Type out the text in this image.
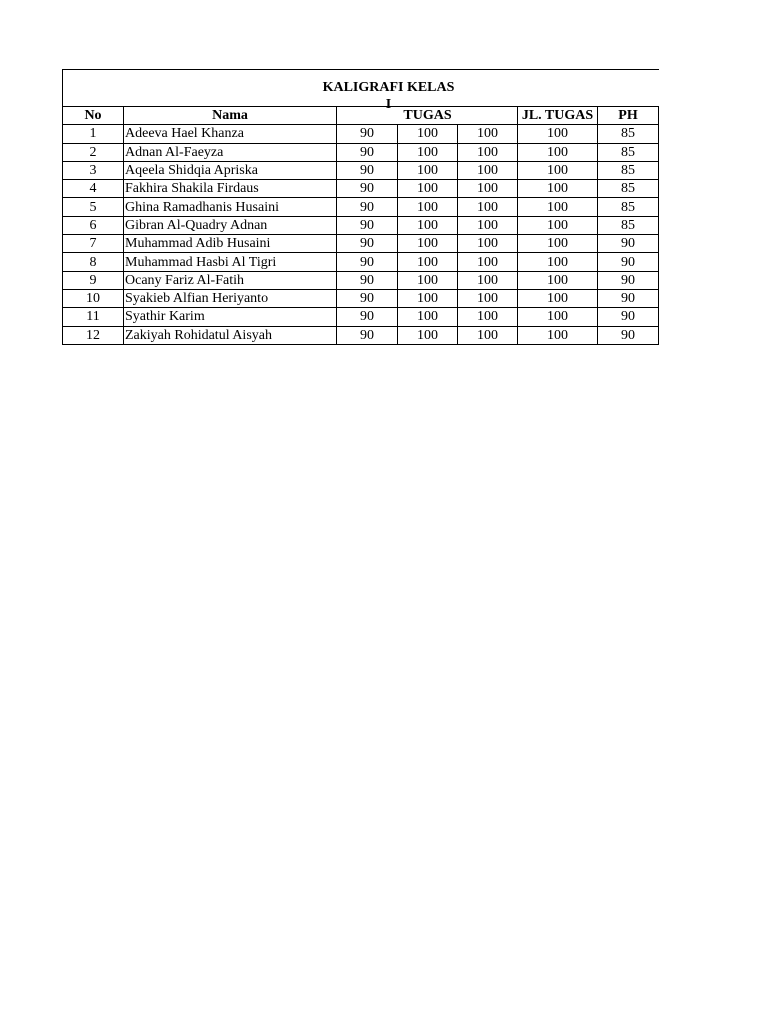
No	Nama		TUGAS		JL. TUGAS	PH
1	Adeeva Hael Khanza	90	100	100	100	85
2	Adnan Al-Faeyza	90	100	100	100	85
3	Aqeela Shidqia Apriska	90	100	100	100	85
4	Fakhira Shakila Firdaus	90	100	100	100	85
5	Ghina Ramadhanis Husaini	90	100	100	100	85
6	Gibran Al-Quadry Adnan	90	100	100	100	85
7	Muhammad Adib Husaini	90	100	100	100	90
8	Muhammad Hasbi Al Tigri	90	100	100	100	90
9	Ocany Fariz Al-Fatih	90	100	100	100	90
10	Syakieb Alfian Heriyanto	90	100	100	100	90
11	Syathir Karim	90	100	100	100	90
12	Zakiyah Rohidatul Aisyah	90	100	100	100	90
KALIGRAFI KELAS I
